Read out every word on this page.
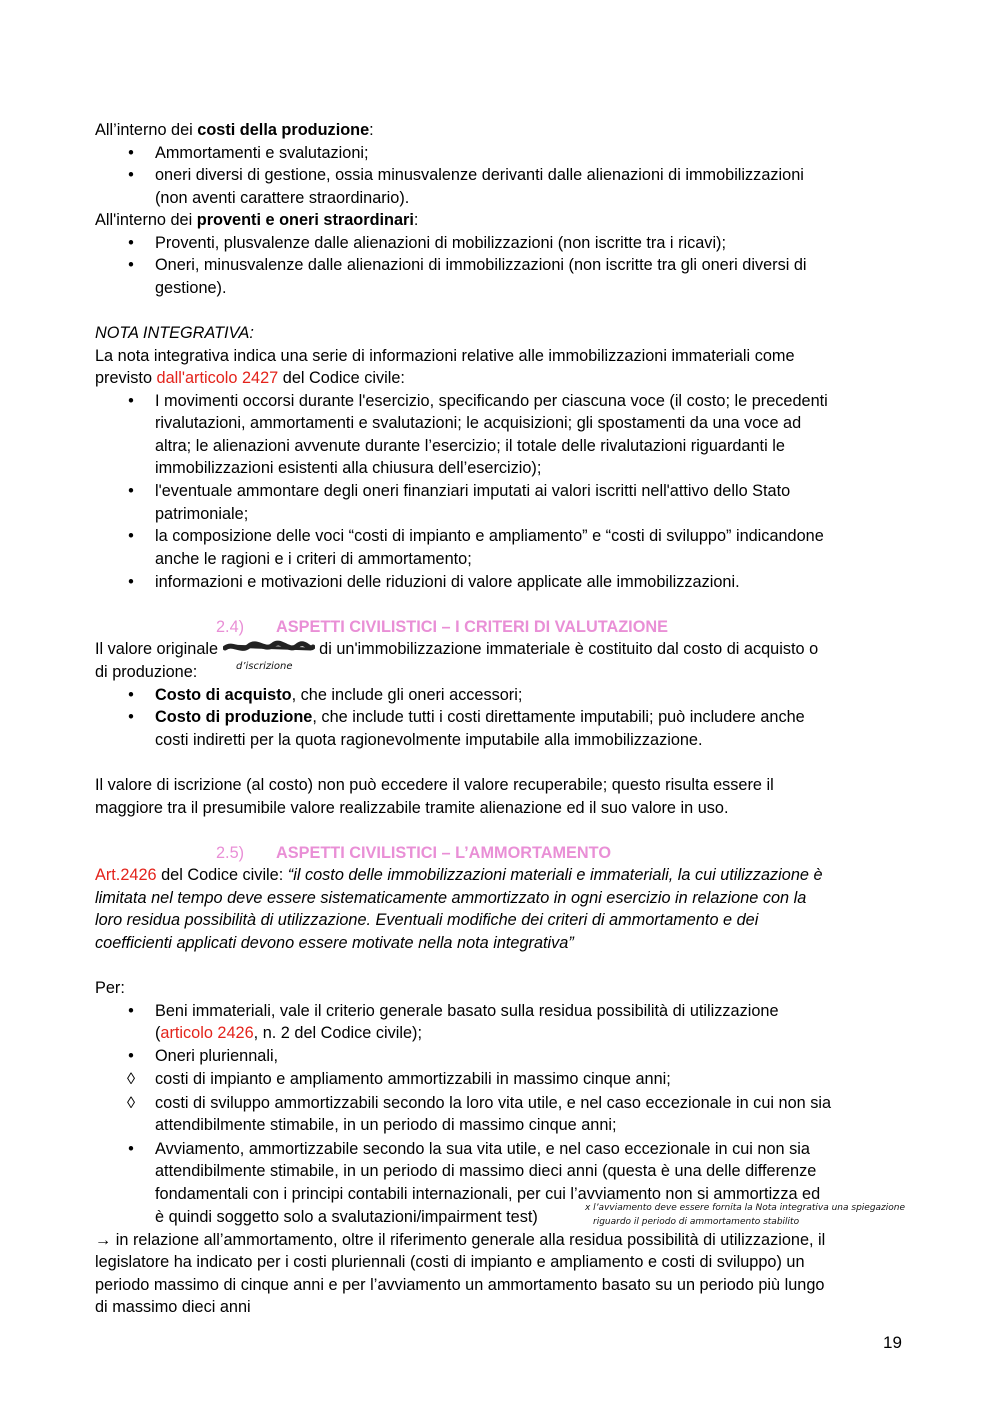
All’interno dei costi della produzione:
• Ammortamenti e svalutazioni;
• oneri diversi di gestione, ossia minusvalenze derivanti dalle alienazioni di immobilizzazioni
(non aventi carattere straordinario).
All'interno dei proventi e oneri straordinari:
• Proventi, plusvalenze dalle alienazioni di mobilizzazioni (non iscritte tra i ricavi);
• Oneri, minusvalenze dalle alienazioni di immobilizzazioni (non iscritte tra gli oneri diversi di
gestione).
NOTA INTEGRATIVA:
La nota integrativa indica una serie di informazioni relative alle immobilizzazioni immateriali come
previsto dall'articolo 2427 del Codice civile:
• I movimenti occorsi durante l'esercizio, specificando per ciascuna voce (il costo; le precedenti
rivalutazioni, ammortamenti e svalutazioni; le acquisizioni; gli spostamenti da una voce ad
altra; le alienazioni avvenute durante l’esercizio; il totale delle rivalutazioni riguardanti le
immobilizzazioni esistenti alla chiusura dell’esercizio);
• l'eventuale ammontare degli oneri finanziari imputati ai valori iscritti nell'attivo dello Stato
patrimoniale;
• la composizione delle voci “costi di impianto e ampliamento” e “costi di sviluppo” indicandone
anche le ragioni e i criteri di ammortamento;
• informazioni e motivazioni delle riduzioni di valore applicate alle immobilizzazioni.
2.4) ASPETTI CIVILISTICI – I CRITERI DI VALUTAZIONE
Il valore originale	di un'immobilizzazione immateriale è costituito dal costo di acquisto o
d’iscrizione
di produzione:
• Costo di acquisto, che include gli oneri accessori;
• Costo di produzione, che include tutti i costi direttamente imputabili; può includere anche
costi indiretti per la quota ragionevolmente imputabile alla immobilizzazione.
Il valore di iscrizione (al costo) non può eccedere il valore recuperabile; questo risulta essere il
maggiore tra il presumibile valore realizzabile tramite alienazione ed il suo valore in uso.
2.5) ASPETTI CIVILISTICI – L’AMMORTAMENTO
Art.2426 del Codice civile: “il costo delle immobilizzazioni materiali e immateriali, la cui utilizzazione è
limitata nel tempo deve essere sistematicamente ammortizzato in ogni esercizio in relazione con la
loro residua possibilità di utilizzazione. Eventuali modifiche dei criteri di ammortamento e dei
coefficienti applicati devono essere motivate nella nota integrativa”
Per:
• Beni immateriali, vale il criterio generale basato sulla residua possibilità di utilizzazione
(articolo 2426, n. 2 del Codice civile);
• Oneri pluriennali,
◊ costi di impianto e ampliamento ammortizzabili in massimo cinque anni;
◊ costi di sviluppo ammortizzabili secondo la loro vita utile, e nel caso eccezionale in cui non sia
attendibilmente stimabile, in un periodo di massimo cinque anni;
• Avviamento, ammortizzabile secondo la sua vita utile, e nel caso eccezionale in cui non sia
attendibilmente stimabile, in un periodo di massimo dieci anni (questa è una delle differenze
fondamentali con i principi contabili internazionali, per cui l’avviamento non si ammortizza ed
è quindi soggetto solo a svalutazioni/impairment test)	x l’avviamento deve essere fornita la Nota integrativa una spiegazione
riguardo il periodo di ammortamento stabilito
→ in relazione all’ammortamento, oltre il riferimento generale alla residua possibilità di utilizzazione, il
legislatore ha indicato per i costi pluriennali (costi di impianto e ampliamento e costi di sviluppo) un
periodo massimo di cinque anni e per l’avviamento un ammortamento basato su un periodo più lungo
di massimo dieci anni
19
